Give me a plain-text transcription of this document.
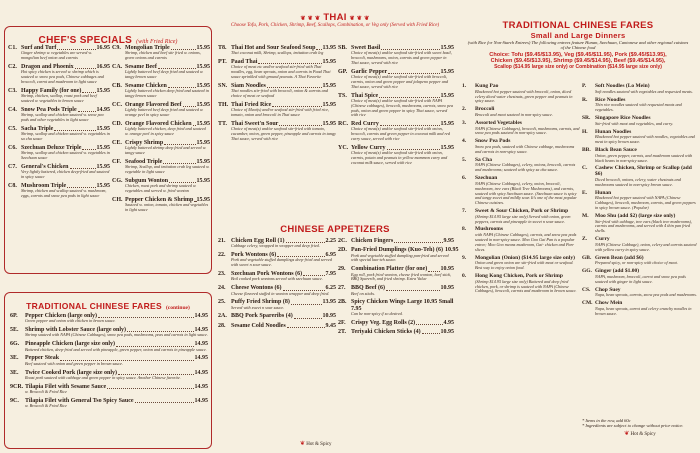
CHEF'S SPECIALS (with Fried Rice)
C1. Surf and Turf	16.95
Ginger shrimp w. vegetables are served w. mongolian beef onion and carrots
C2. Dragon and Phoenix	16.95
Hot spicy chicken is served w. shrimp which is sauteed w. snow pea pods, Chinese cabbages and broccoli, carrot and mushroom in light sauce
C3. Happy Family (for one)	15.95
Shrimp, chicken, scallop, roast pork and beef sauteed w. vegetables in brown sauce
C4. Snow Pea Pods Triple	14.95
Shrimp, scallop and chicken sauteed w. snow pea pods and other vegetables in light sauce
C5. Sacha Triple	15.95
Shrimp, scallop and chicken sauteed w. vegetables in sa cha sauce
C6. Szechuan Deluxe Triple	15.95
Shrimp, scallop and chicken sauteed w. vegetables in Szechuan sauce
C7. General's Chicken	15.95
Very lightly battered, chicken deep-fried and sauteed in spicy sauce
C8. Mushroom Triple	15.95
Shrimp, chicken and scallop sauteed w. mushroom, eggs, carrots and snow pea pods in light sauce
C9. Mongolian Triple	15.95
Shrimp, chicken and beef stir fried w. onions, green onions and carrots
CA. Sesame Beef	15.95
Lightly battered beef deep fried and sauteed w. tangy brown sauce
CB. Sesame Chicken	15.95
Lightly battered chicken deep fried and sauteed in tangy brown sauce
CC. Orange Flavored Beef 15.95
Lightly battered beef deep fried and sauteed w. orange peel in spicy sauce
CD. Orange Flavored Chicken 15.95
Lightly battered chicken, deep fried and sauteed w. orange peel in spicy sauce
CE. Crispy Shrimp	15.95
Lightly battered shrimp deep fried and served w. tangy sauce
CF. Seafood Triple	15.95
Shrimp, Scallop, and imitation crab leg sauteed w. vegetable in light sauce
CG. Subgum Wonton	15.95
Chicken, roast pork and shrimp sauteed w. vegetables and served w. fried wonton
CH. Pepper Chicken & Shrimp 15.95
Sauteed w. onion, tomato, chicken and vegetables in light sauce
TRADITIONAL CHINESE FARES (continue)
6P.	Pepper Chicken (large only)	14.95
Green pepper and onion with chicken in brown sauce.
5E.	Shrimp with Lobster Sauce (large only)	14.95
Shrimp sauteed with NAPA (Chinese Cabbages), snow pea pods, mushrooms, peas and carrots in light sauce.
6G. Pineapple Chicken (large size only)	14.95
Battered chicken, deep-fried and served with pineapple, green pepper, onion and carrots in pineapple sauce.
3E.	Pepper Steak	14.95
Beef sauteed with onion and green pepper in brown sauce.
3E.	Twice Cooked Pork (large size only)	14.95
Roast pork sauteed with cabbage and green pepper in spicy sauce. Another Chinese favorite.
9CR. Tilapia Filet with Sesame Sauce	14.95
w. Broccoli & Fried Rice
9C.	Tilapia Filet with General Tso Spicy Sauce	14.95
w. Broccoli & Fried Rice
❦ ❦ ❦ THAI ❦ ❦ ❦
Choose Tofu, Pork, Chicken, Shrimp, Beef, Scallops, Combination, or Veg only (Served with Fried Rice)
T8. Thai Hot and Sour Seafood Soup 13.95
Thai coconut milk, Shrimp, scallops, imitation crab leg
PT. Paad Thai	15.95
Choice of meat etc and/or seafood stir-fried with Thai noodles, egg, bean sprouts, onion and carrots in Paad Thai sauce sprinkled with ground peanuts. A Thai Favorite
SN. Siam Noodles	15.95
Thai noodles stir-fried with broccoli, onion & carrots and choice of meat or seafood
TH. Thai Fried Rice	15.95
Choice of Meat(s) and/or seafood stir-fried with fried rice, tomato, onion and broccoli in Thai sauce
TT. Thai Sweet'n Sour	15.95
Choice of meat(s) and/or seafood stir-fried with tomato, cucumber, onion, green pepper, pineapple and carrots in tangy Thai sauce, served with rice
SB. Sweet Basil	15.95
Choice of meat(s) and/or seafood stir-fried with sweet basil, broccoli, mushrooms, onion, carrots and green pepper in Thai sauce, served with rice
GP. Garlic Pepper	15.95
Choice of meat(s) and/or seafood stir-fried with broccoli, carrots, onion and green pepper and jalapeno pepper and Thai sauce, served with rice
TS. Thai Spice	15.95
Choice of meat(s) and/or seafood stir-fried with NAPA (Chinese cabbages), broccoli, mushrooms, carrots, snow pea pods, onion and green pepper in spicy Thai sauce, served with rice
RC. Red Curry	15.95
Choice of meat(s) and/or seafood stir-fried with onion, broccoli, carrots and green pepper in coconut milk and red curry sauce, served with rice
YC. Yellow Curry	15.95
Choice of meat(s) and/or seafood stir-fried with onion, carrots, potato and peanuts in yellow mammon curry and coconut milk sauce, served with rice
CHINESE APPETIZERS
21. Chicken Egg Roll (1)	2.25
Cabbage celery, wrapped in wrapper and deep fried.
22. Pork Wontons (6)	6.95
Pork and vegetable stuffed dumplings deep-fried and served with sweet n sour sauce.
23. Szechuan Pork Wontons (6)	7.95
Boil cooked pork wontons served with szechuan sauce.
24. Cheese Wontons (6)	6.25
Cheese flavored stuffed in wonton wrapper and deep fried.
25. Puffy Fried Shrimp (8)	13.95
Served with sweet n sour sauce.
2A. BBQ Pork Spareribs (4)	10.95
28. Sesame Cold Noodles	9.45
2C. Chicken Fingers	9.95
2D. Pan-Fried Dumplings (Kuo-Teh) (6) 10.95
Pork and vegetable stuffed dumpling pan-fried and served with special kuo-teh sauce.
29. Combination Platter (for one) 10.95
Egg roll, pork fried wonton, cheese fried wonton, beef stick, BBQ Sparerib, and fried shrimp. Extra Value
27. BBQ Beef (6)	10.95
Beef on sticks.
2B. Spicy Chicken Wings Large 10.95 Small 7.95
Can be non-spicy if so desired.
2F. Crispy Veg. Egg Rolls (2)	4.95
2T. Teriyaki Chicken Sticks (4)	10.95
❦ Hot & Spicy
TRADITIONAL CHINESE FARES
Small and Large Dinners
(with Rice for Non-Starch Entrees) The following entrees feature Hunan, Szechuan, Cantonese and other regional cuisines of the Chinese food
Choice: Tofu ($9.45/$13.95), Veg ($9.45/$11.95), Pork ($9.45/$13.95),
Chicken ($9.45/$13.95), Shrimp ($9.45/$14.95), Beef ($9.45/$14.95),
Scallop ($14.95 large size only) or Combination ($14.95 large size only)
1.	Kung Pao
Blackened hot pepper sauteed with broccoli, onion, diced celery diced water chestnuts, green pepper and peanuts in spicy sauce.
2.	Broccoli
Broccoli and meat sauteed in non-spicy sauce.
3.	Assorted Vegetables
NAPA (Chinese Cabbages), broccoli, mushrooms, carrots, and snow pea pods sauteed in non-spicy sauce.
4.	Snow Pea Pods
Snow pea pods, sauteed with Chinese cabbage, mushrooms and carrots in non-spicy sauce.
5.	Sa Cha
NAPA (Chinese Cabbages), celery, onions, broccoli, carrots and mushrooms; sauteed with spicy sa cha sauce.
6.	Szechuan
NAPA (Chinese Cabbages), celery, onion, broccoli, mushroom, tree ears (Black Tree Mushrooms), and carrots, sauteed with spicy Szechuan sauce. (Szechuan sauce is spicy and tangy sweet and mildly sour. It's one of the most popular Chinese cuisines.
7.	Sweet & Sour Chicken, Pork or Shrimp
(Shrimp $14.95 large size only) Served with onion, green peppers, carrots and pineapple in sweet n sour sauce.
8.	Mushrooms
with NAPA (Chinese Cabbages), carrots, and snow pea pods sauteed in non-spicy sauce. Moo Goo Gai Pan is a popular entree; Moo Goo means mushroom, Gai- chicken and Pan- slices.
9.	Mongolian (Onion) ($14.95 large size only)
Onion and green onion are stir-fried with meat or seafood. Best way to enjoy onion food.
0.	Hong Kong Chicken, Pork or Shrimp
(Shrimp $14.95 large size only) Battered and deep fried chicken, pork, or shrimp is sauteed with NAPA (Chinese Cabbages), broccoli, carrots and mushroom in brown sauce.
P.	Soft Noodles (Lo Mein)
Soft noodles sauteed with vegetables and requested meats.
R.	Rice Noodles
Thin rice noodles sauteed with requested meats and vegetables.
SR. Singapore Rice Noodles
Stir-fried with meat and vegetables, and curry.
H.	Hunan Noodles
Blackened hot pepper sauteed with noodles, vegetables and meat in spicy brown sauce.
BB. Black Bean Sauce
Onion, green pepper, carrots, and mushroom sauteed with black beans in non-spicy sauce.
C.	Cashew Chicken, Shrimp or Scallop (add $6)
Diced broccoli, onions, celery, water chestnuts and mushrooms sauteed in non-spicy brown sauce.
E.	Hunan
Blackened hot pepper sauteed with NAPA (Chinese Cabbages), broccoli, mushroom, carrots, and green peppers in spicy brown sauce. (Popular)
M.	Moo Shu (add $2) (large size only)
Stir-fried with cabbage, tree ears (black tree mushrooms), carrots and mushrooms, and served with 4 thin pan fried shells.
Z.	Curry
NAPA (Chinese Cabbage), onion, celery and carrots sauteed with yellow curry in spicy sauce.
GB. Green Bean (add $6)
Prepared spicy, or non-spicy with choice of meat.
GG. Ginger (add $1.00)
NAPA, mushroom, broccoli, carrot and snow pea pods sauteed with ginger in light sauce.
CS. Chop Suey
Napa, bean sprouts, carrots, snow pea pods and mushrooms.
CM. Chow Mein
Napa, bean sprouts, carrot and celery crunchy noodles in brown sauce.
* Items in the row, add 60c
* Ingredients are subject to change without prior notice.
❦ Hot & Spicy
